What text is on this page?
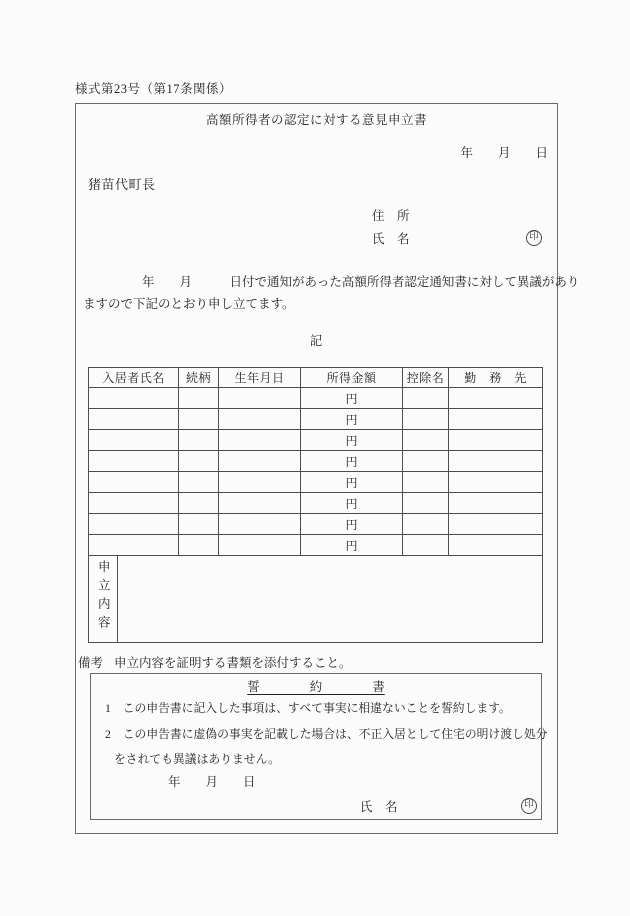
様式第23号（第17条関係）
高額所得者の認定に対する意見申立書
年　　月　　日
猪苗代町長
住　所
氏　名	印
年　　月　　　日付で通知があった高額所得者認定通知書に対して異議があり
ますので下記のとおり申し立てます。
記
入居者氏名	続柄	生年月日	所得金額	控除名	勤　務　先
			円		
			円		
			円		
			円		
			円		
			円		
			円		
			円		
申立内容	
備考 申立内容を証明する書類を添付すること。
誓　　　　約　　　　書
1　 この申告書に記入した事項は、すべて事実に相違ないことを誓約します。
2　 この申告書に虚偽の事実を記載した場合は、不正入居として住宅の明け渡し処分
をされても異議はありません。
年　　月　　日
氏　名	印
